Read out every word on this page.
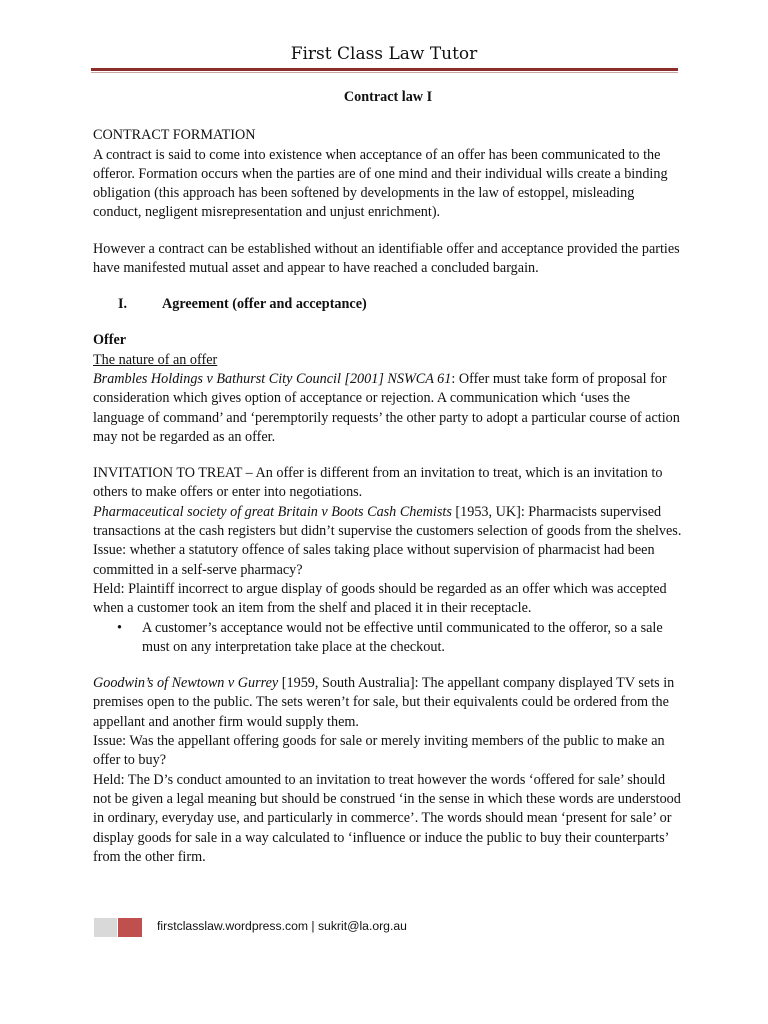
First Class Law Tutor

Contract law I

CONTRACT FORMATION

A contract is said to come into existence when acceptance of an offer has been communicated to the offeror. Formation occurs when the parties are of one mind and their individual wills create a binding obligation (this approach has been softened by developments in the law of estoppel, misleading conduct, negligent misrepresentation and unjust enrichment).

However a contract can be established without an identifiable offer and acceptance provided the parties have manifested mutual asset and appear to have reached a concluded bargain.

I. Agreement (offer and acceptance)

Offer

The nature of an offer

Brambles Holdings v Bathurst City Council [2001] NSWCA 61: Offer must take form of proposal for consideration which gives option of acceptance or rejection. A communication which ‘uses the language of command’ and ‘peremptorily requests’ the other party to adopt a particular course of action may not be regarded as an offer.

INVITATION TO TREAT – An offer is different from an invitation to treat, which is an invitation to others to make offers or enter into negotiations.

Pharmaceutical society of great Britain v Boots Cash Chemists [1953, UK]: Pharmacists supervised transactions at the cash registers but didn’t supervise the customers selection of goods from the shelves.

Issue: whether a statutory offence of sales taking place without supervision of pharmacist had been committed in a self-serve pharmacy?

Held: Plaintiff incorrect to argue display of goods should be regarded as an offer which was accepted when a customer took an item from the shelf and placed it in their receptacle.

• A customer’s acceptance would not be effective until communicated to the offeror, so a sale must on any interpretation take place at the checkout.

Goodwin’s of Newtown v Gurrey [1959, South Australia]: The appellant company displayed TV sets in premises open to the public. The sets weren’t for sale, but their equivalents could be ordered from the appellant and another firm would supply them.

Issue: Was the appellant offering goods for sale or merely inviting members of the public to make an offer to buy?

Held: The D’s conduct amounted to an invitation to treat however the words ‘offered for sale’ should not be given a legal meaning but should be construed ‘in the sense in which these words are understood in ordinary, everyday use, and particularly in commerce’. The words should mean ‘present for sale’ or display goods for sale in a way calculated to ‘influence or induce the public to buy their counterparts’ from the other firm.

firstclasslaw.wordpress.com | sukrit@la.org.au
